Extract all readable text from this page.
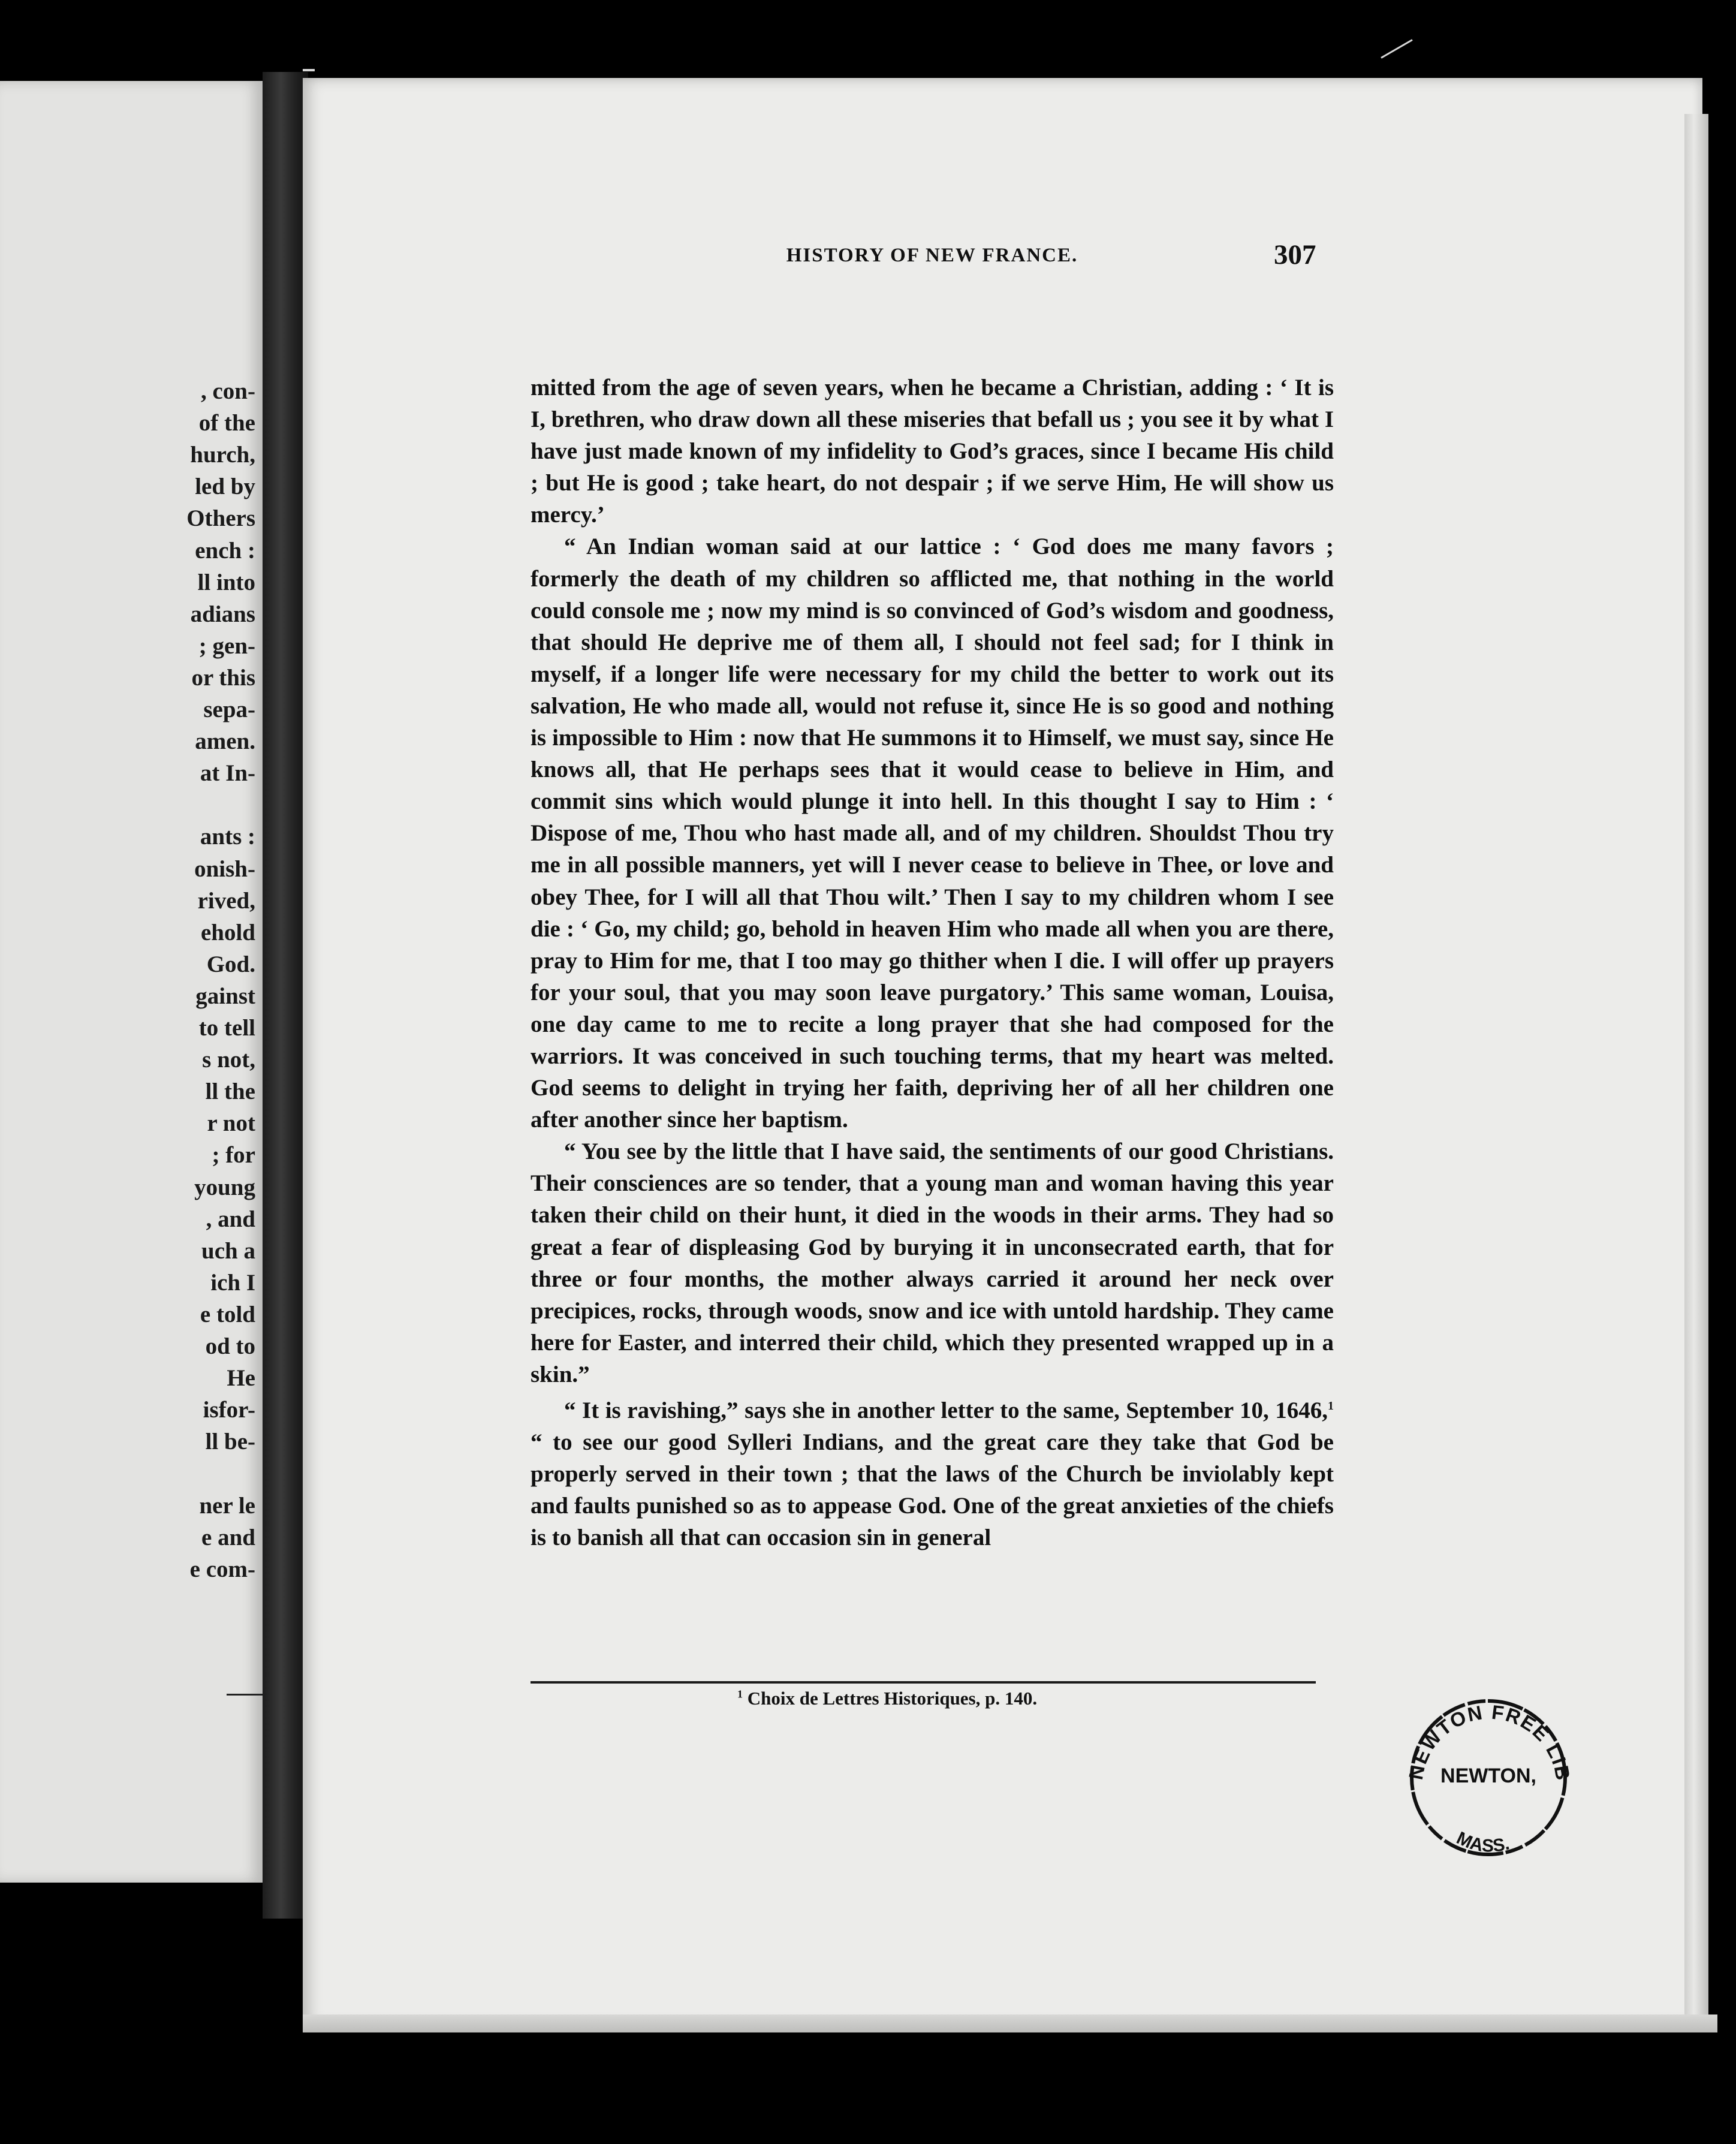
, con-
of the
hurch,
led by
Others
ench :
ll into
adians
; gen-
or this
sepa-
amen.
at In-
ants :
onish-
rived,
ehold
God.
gainst
to tell
s not,
ll the
r not
; for
young
, and
uch a
ich I
e told
od to
He
isfor-
ll be-
ner le
e and
e com-
HISTORY OF NEW FRANCE.	307

mitted from the age of seven years, when he became a Christian, adding : ‘ It is I, brethren, who draw down all these miseries that befall us ; you see it by what I have just made known of my infidelity to God’s graces, since I became His child ; but He is good ; take heart, do not despair ; if we serve Him, He will show us mercy.’

“ An Indian woman said at our lattice : ‘ God does me many favors ; formerly the death of my children so afflicted me, that nothing in the world could console me ; now my mind is so convinced of God’s wisdom and goodness, that should He deprive me of them all, I should not feel sad; for I think in myself, if a longer life were necessary for my child the better to work out its salvation, He who made all, would not refuse it, since He is so good and nothing is impossible to Him : now that He summons it to Himself, we must say, since He knows all, that He perhaps sees that it would cease to believe in Him, and commit sins which would plunge it into hell. In this thought I say to Him : ‘ Dispose of me, Thou who hast made all, and of my children. Shouldst Thou try me in all possible manners, yet will I never cease to believe in Thee, or love and obey Thee, for I will all that Thou wilt.’ Then I say to my children whom I see die : ‘ Go, my child; go, behold in heaven Him who made all when you are there, pray to Him for me, that I too may go thither when I die. I will offer up prayers for your soul, that you may soon leave purgatory.’ This same woman, Louisa, one day came to me to recite a long prayer that she had composed for the warriors. It was conceived in such touching terms, that my heart was melted. God seems to delight in trying her faith, depriving her of all her children one after another since her baptism.

“ You see by the little that I have said, the sentiments of our good Christians. Their consciences are so tender, that a young man and woman having this year taken their child on their hunt, it died in the woods in their arms. They had so great a fear of displeasing God by burying it in unconsecrated earth, that for three or four months, the mother always carried it around her neck over precipices, rocks, through woods, snow and ice with untold hardship. They came here for Easter, and interred their child, which they presented wrapped up in a skin.”

“ It is ravishing,” says she in another letter to the same, September 10, 1646,$^1$ “ to see our good Sylleri Indians, and the great care they take that God be properly served in their town ; that the laws of the Church be inviolably kept and faults punished so as to appease God. One of the great anxieties of the chiefs is to banish all that can occasion sin in general

$^1$ Choix de Lettres Historiques, p. 140.
NEWTON FREE LIB
NEWTON,
MASS.
